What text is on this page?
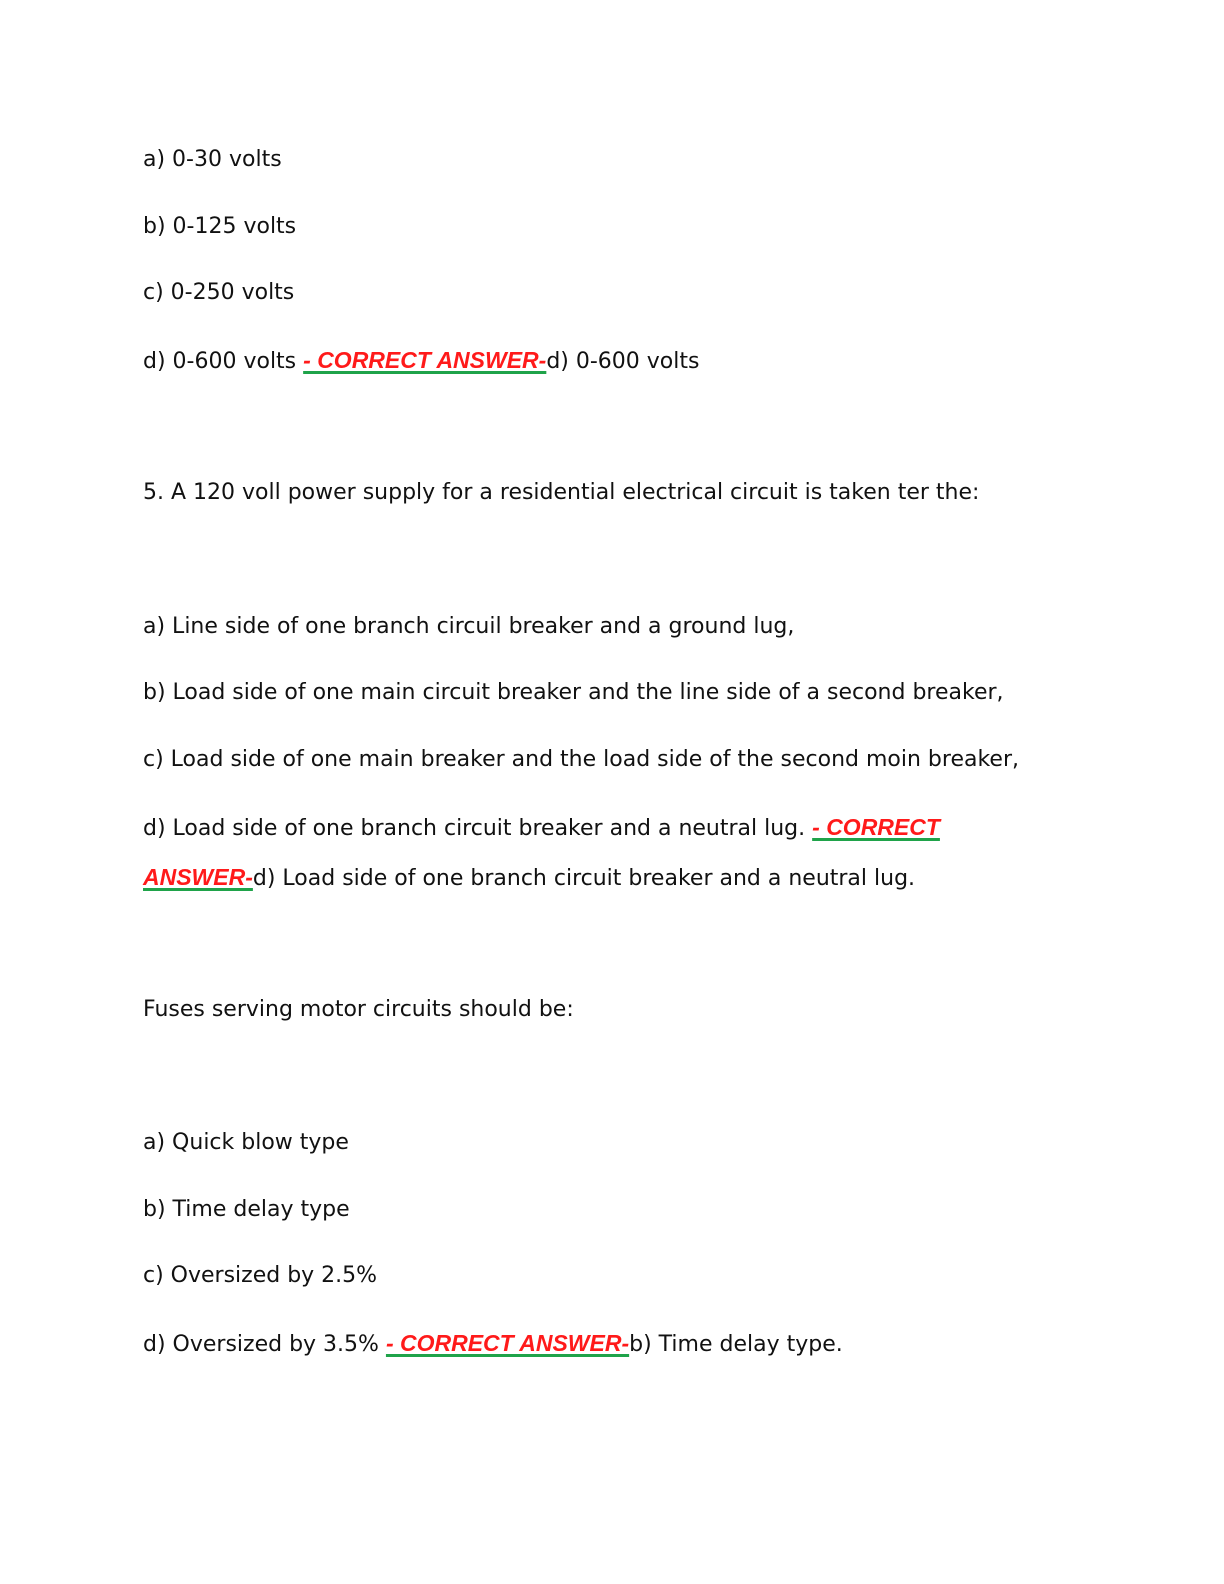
a) 0-30 volts
b) 0-125 volts
c) 0-250 volts
d) 0-600 volts - CORRECT ANSWER-d) 0-600 volts
5. A 120 voll power supply for a residential electrical circuit is taken ter the:
a) Line side of one branch circuil breaker and a ground lug,
b) Load side of one main circuit breaker and the line side of a second breaker,
c) Load side of one main breaker and the load side of the second moin breaker,
d) Load side of one branch circuit breaker and a neutral lug. - CORRECT
ANSWER-d) Load side of one branch circuit breaker and a neutral lug.
Fuses serving motor circuits should be:
a) Quick blow type
b) Time delay type
c) Oversized by 2.5%
d) Oversized by 3.5% - CORRECT ANSWER-b) Time delay type.
